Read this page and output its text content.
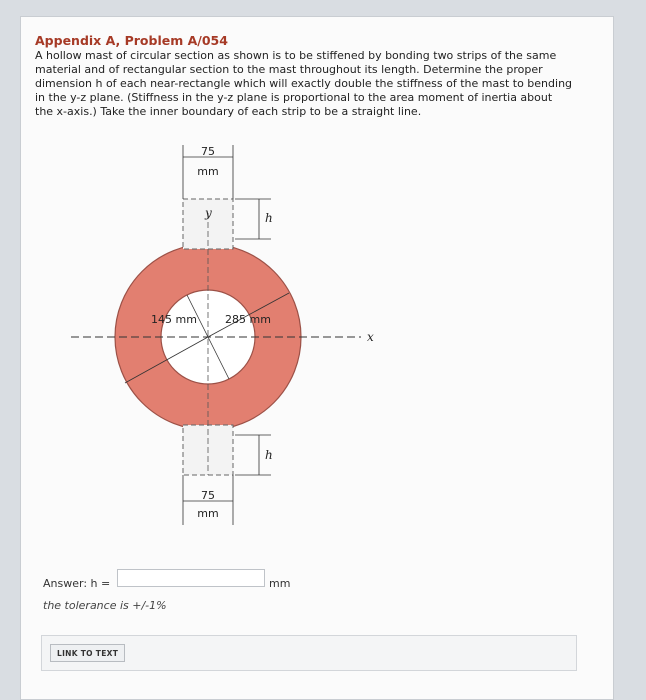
Appendix A, Problem A/054
A hollow mast of circular section as shown is to be stiffened by bonding two strips of the same
material and of rectangular section to the mast throughout its length. Determine the proper
dimension h of each near-rectangle which will exactly double the stiffness of the mast to bending
in the y-z plane. (Stiffness in the y-z plane is proportional to the area moment of inertia about
the x-axis.) Take the inner boundary of each strip to be a straight line.
75
mm
y	h
h
75
mm
145 mm	285 mm
x
Answer: h =	mm
the tolerance is +/-1%
LINK TO TEXT
